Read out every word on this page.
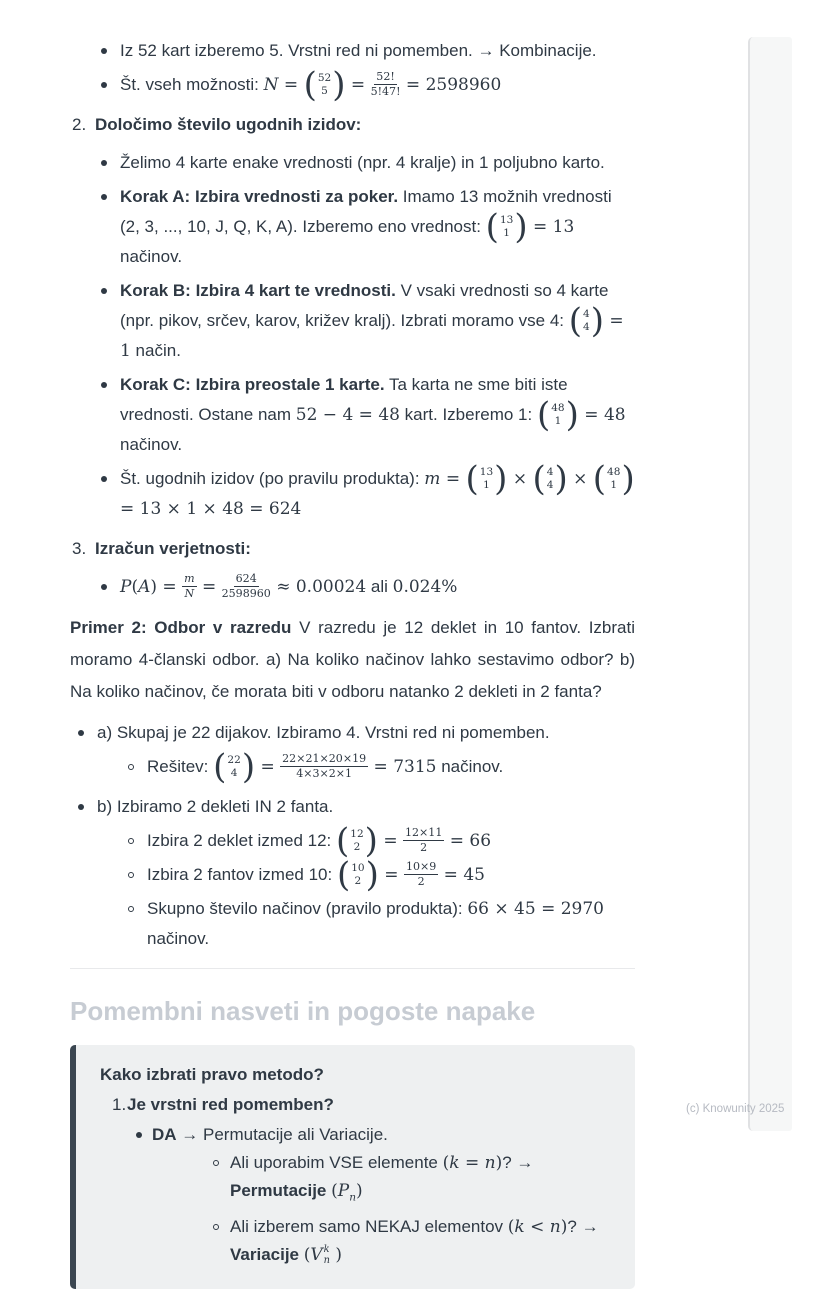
Iz 52 kart izberemo 5. Vrstni red ni pomemben. → Kombinacije.
Št. vseh možnosti: N = ( 52
5 ) = $\frac{52!}{5!47!} = 2598960$
2. Določimo število ugodnih izidov:
Želimo 4 karte enake vrednosti (npr. 4 kralje) in 1 poljubno karto.
Korak A: Izbira vrednosti za poker. Imamo 13 možnih vrednosti (2, 3, ..., 10, J, Q, K, A). Izberemo eno vrednost: ( 13
1 ) = 13 načinov.
Korak B: Izbira 4 kart te vrednosti. V vsaki vrednosti so 4 karte (npr. pikov, srčev, karov, križev kralj). Izbrati moramo vse 4: ( 4
4 ) = 1 način.
Korak C: Izbira preostale 1 karte. Ta karta ne sme biti iste vrednosti. Ostane nam 52 − 4 = 48 kart. Izberemo 1: ( 48
1 ) = 48 načinov.
Št. ugodnih izidov (po pravilu produkta): m = ( 13
1 ) × ( 4
4 ) × ( 48
1 )
= 13 × 1 × 48 = 624
3. Izračun verjetnosti:
$P(A) = \frac{m}{N} = \frac{624}{2598960} \approx 0.00024$ ali 0.024%
Primer 2: Odbor v razredu V razredu je 12 deklet in 10 fantov. Izbrati moramo 4-članski odbor. a) Na koliko načinov lahko sestavimo odbor? b) Na koliko načinov, če morata biti v odboru natanko 2 dekleti in 2 fanta?
a) Skupaj je 22 dijakov. Izbiramo 4. Vrstni red ni pomemben.
Rešitev: ( 22
4 ) = $\frac{22\times 21\times 20\times 19}{4\times 3\times 2\times 1} = 7315$ načinov.
b) Izbiramo 2 dekleti IN 2 fanta.
Izbira 2 deklet izmed 12: ( 12
2 ) = $\frac{12\times 11}{2} = 66$
Izbira 2 fantov izmed 10: ( 10
2 ) = $\frac{10\times 9}{2} = 45$
Skupno število načinov (pravilo produkta): 66 × 45 = 2970 načinov.
Pomembni nasveti in pogoste napake
Kako izbrati pravo metodo?
1. Je vrstni red pomemben?
DA → Permutacije ali Variacije.
Ali uporabim VSE elemente (k = n)? → Permutacije $(P_n)$
Ali izberem samo NEKAJ elementov (k < n)? → Variacije (V k
n )
(c) Knowunity 2025
